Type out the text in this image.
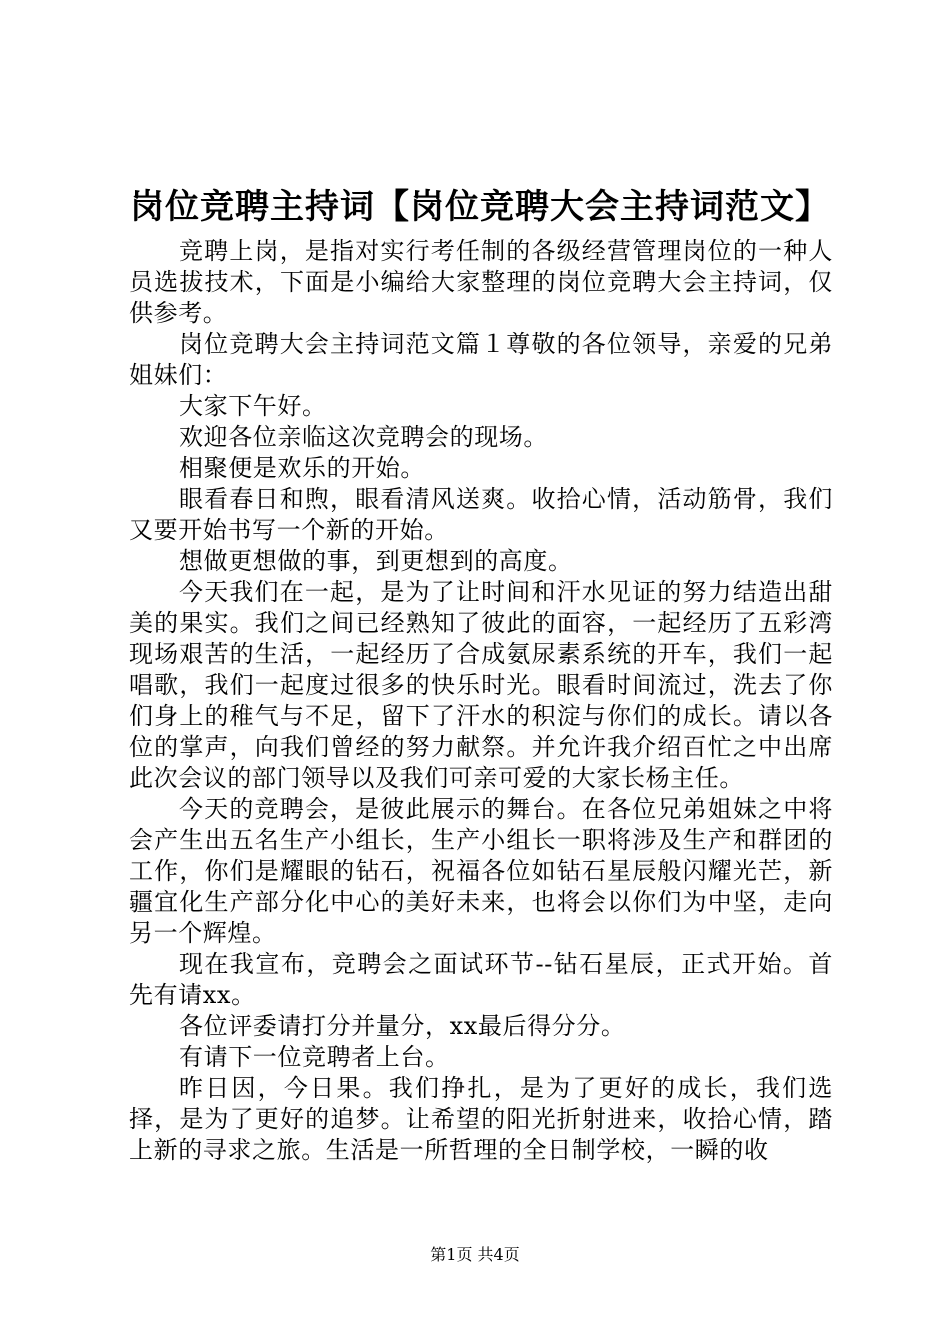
岗位竞聘主持词【岗位竞聘大会主持词范文】

竞聘上岗，是指对实行考任制的各级经营管理岗位的一种人员选拔技术，下面是小编给大家整理的岗位竞聘大会主持词，仅供参考。

岗位竞聘大会主持词范文篇１尊敬的各位领导，亲爱的兄弟姐妹们：

大家下午好。

欢迎各位亲临这次竞聘会的现场。

相聚便是欢乐的开始。

眼看春日和煦，眼看清风送爽。收拾心情，活动筋骨，我们又要开始书写一个新的开始。

想做更想做的事，到更想到的高度。

今天我们在一起，是为了让时间和汗水见证的努力结造出甜美的果实。我们之间已经熟知了彼此的面容，一起经历了五彩湾现场艰苦的生活，一起经历了合成氨尿素系统的开车，我们一起唱歌，我们一起度过很多的快乐时光。眼看时间流过，洗去了你们身上的稚气与不足，留下了汗水的积淀与你们的成长。请以各位的掌声，向我们曾经的努力献祭。并允许我介绍百忙之中出席此次会议的部门领导以及我们可亲可爱的大家长杨主任。

今天的竞聘会，是彼此展示的舞台。在各位兄弟姐妹之中将会产生出五名生产小组长，生产小组长一职将涉及生产和群团的工作，你们是耀眼的钻石，祝福各位如钻石星辰般闪耀光芒，新疆宜化生产部分化中心的美好未来，也将会以你们为中坚，走向另一个辉煌。

现在我宣布，竞聘会之面试环节--钻石星辰，正式开始。首先有请xx。

各位评委请打分并量分，xx最后得分分。

有请下一位竞聘者上台。

昨日因，今日果。我们挣扎，是为了更好的成长，我们选择，是为了更好的追梦。让希望的阳光折射进来，收拾心情，踏上新的寻求之旅。生活是一所哲理的全日制学校，一瞬的收

第1页 共4页
